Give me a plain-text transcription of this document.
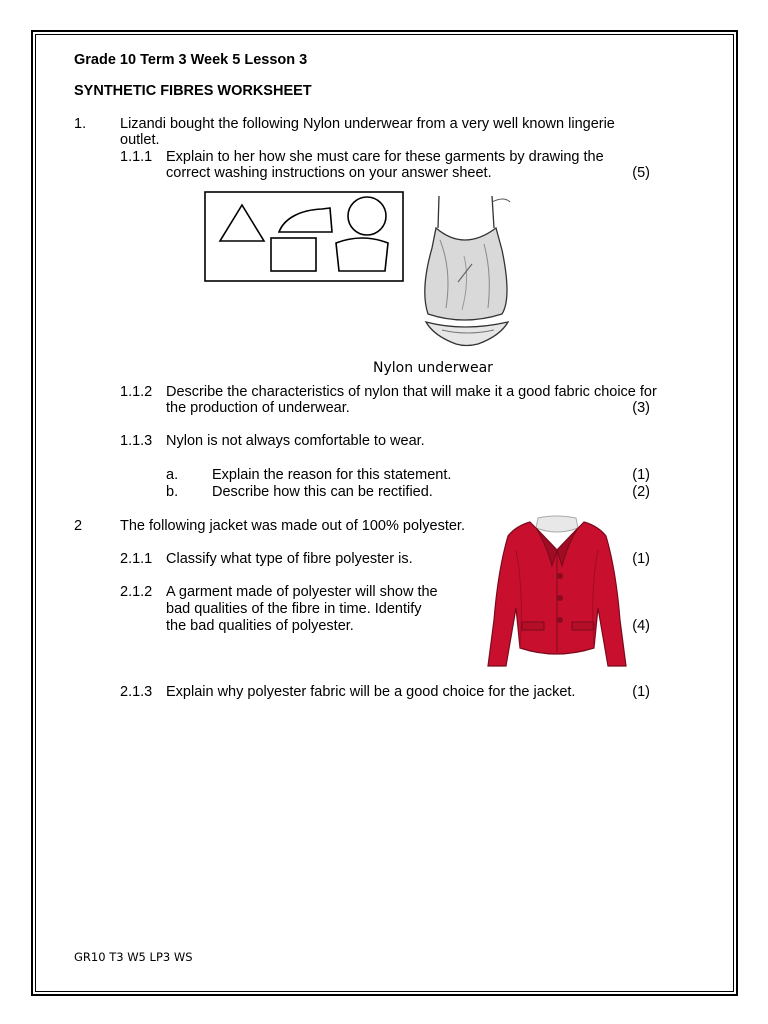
Grade 10 Term 3 Week 5 Lesson 3
SYNTHETIC FIBRES WORKSHEET
1. Lizandi bought the following Nylon underwear from a very well known lingerie
outlet.
1.1.1 Explain to her how she must care for these garments by drawing the
correct washing instructions on your answer sheet.	(5)
Nylon underwear
1.1.2 Describe the characteristics of nylon that will make it a good fabric choice for
the production of underwear.	(3)
1.1.3 Nylon is not always comfortable to wear.
a. Explain the reason for this statement.	(1)
b. Describe how this can be rectified.	(2)
2	The following jacket was made out of 100% polyester.
2.1.1 Classify what type of fibre polyester is.	(1)
2.1.2 A garment made of polyester will show the
bad qualities of the fibre in time. Identify
the bad qualities of polyester.	(4)
2.1.3 Explain why polyester fabric will be a good choice for the jacket.	(1)
GR10 T3 W5 LP3 WS
